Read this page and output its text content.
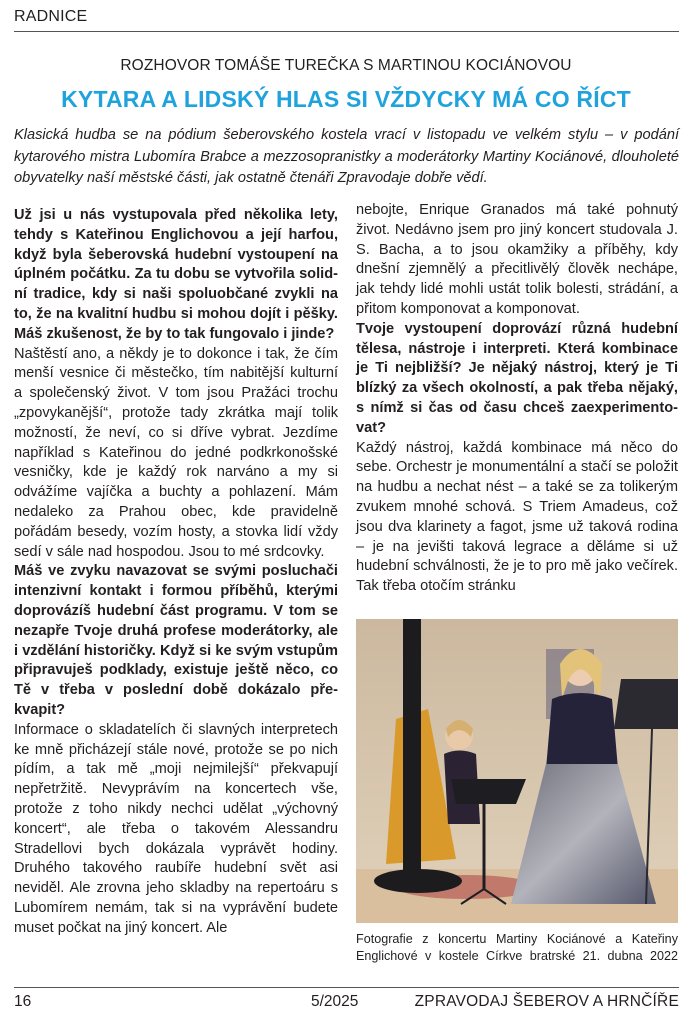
RADNICE
ROZHOVOR TOMÁŠE TUREČKA S MARTINOU KOCIÁNOVOU
KYTARA A LIDSKÝ HLAS SI VŽDYCKY MÁ CO ŘÍCT

Klasická hudba se na pódium šeberovského kostela vrací v listopadu ve velkém stylu – v podání kytarového mistra Lubomíra Brabce a mezzosopranistky a moderátorky Martiny Kociánové, dlouholeté obyvatelky naší městské části, jak ostatně čtenáři Zpravodaje dobře vědí.

Už jsi u nás vystupovala před několika lety, tehdy s Kateřinou Englichovou a její harfou, když byla šeberovská hudební vystoupení na úplném počátku. Za tu dobu se vytvořila solidní tradice, kdy si naši spoluobčané zvykli na to, že na kvalitní hudbu si mohou dojít i pěšky. Máš zkušenost, že by to tak fungovalo i jinde?

Naštěstí ano, a někdy je to dokonce i tak, že čím menší vesnice či městečko, tím nabitější kulturní a společenský život. V tom jsou Pražáci trochu „zpovykanější“, protože tady zkrátka mají tolik možností, že neví, co si dříve vybrat. Jezdíme například s Kateřinou do jedné podkrkonošské vesničky, kde je každý rok narváno a my si odvážíme vajíčka a buchty a pohlazení. Mám nedaleko za Prahou obec, kde pravidelně pořádám besedy, vozím hosty, a stovka lidí vždy sedí v sále nad hospodou. Jsou to mé srdcovky.

Máš ve zvyku navazovat se svými posluchači intenzivní kontakt i formou příběhů, kterými doprovázíš hudební část programu. V tom se nezapře Tvoje druhá profese moderátorky, ale i vzdělání historičky. Když si ke svým vstupům připravuješ podklady, existuje ještě něco, co Tě v třeba v poslední době dokázalo překvapit?

Informace o skladatelích či slavných interpretech ke mně přicházejí stále nové, protože se po nich pídím, a tak mě „moji nejmilejší“ překvapují nepřetržitě. Nevyprávím na koncertech vše, protože z toho nikdy nechci udělat „výchovný koncert“, ale třeba o takovém Alessandru Stradellovi bych dokázala vyprávět hodiny. Druhého takového raubíře hudební svět asi neviděl. Ale zrovna jeho skladby na repertoáru s Lubomírem nemám, tak si na vyprávění budete muset počkat na jiný koncert. Ale

nebojte, Enrique Granados má také pohnutý život. Nedávno jsem pro jiný koncert studovala J. S. Bacha, a to jsou okamžiky a příběhy, kdy dnešní zjemnělý a přecitlivělý člověk nechápe, jak tehdy lidé mohli ustát tolik bolesti, strádání, a přitom komponovat a komponovat.

Tvoje vystoupení doprovází různá hudební tělesa, nástroje i interpreti. Která kombinace je Ti nejbližší? Je nějaký nástroj, který je Ti blízký za všech okolností, a pak třeba nějaký, s nímž si čas od času chceš zaexperimentovat?

Každý nástroj, každá kombinace má něco do sebe. Orchestr je monumentální a stačí se položit na hudbu a nechat nést – a také se za tolikerým zvukem mnohé schová. S Triem Amadeus, což jsou dva klarinety a fagot, jsme už taková rodina – je na jevišti taková legrace a děláme si už hudební schválnosti, že je to pro mě jako večírek. Tak třeba otočím stránku

Fotografie z koncertu Martiny Kociánové a Kateřiny Englichové v kostele Církve bratrské 21. dubna 2022
16	5/2025	ZPRAVODAJ ŠEBEROV A HRNČÍŘE
